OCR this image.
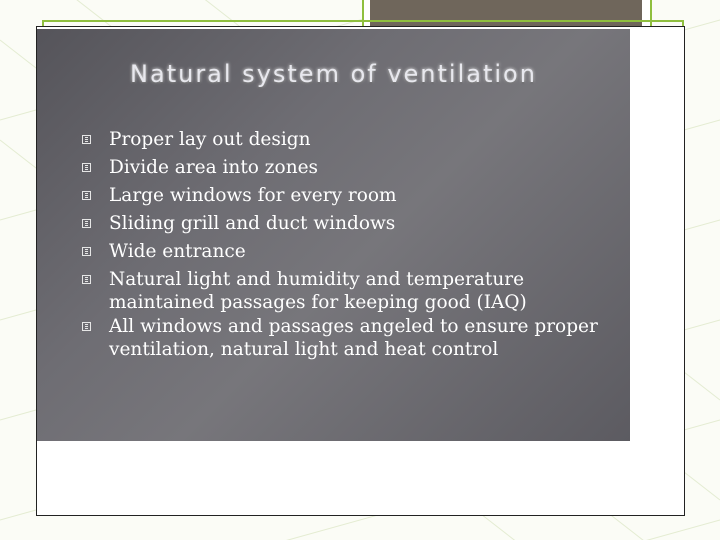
Natural system of ventilation
Proper lay out design
Divide area into zones
Large windows for every room
Sliding grill and duct windows
Wide entrance
Natural light and humidity and temperature maintained passages for keeping good (IAQ)
All windows and passages angeled to ensure proper ventilation, natural light and heat control
